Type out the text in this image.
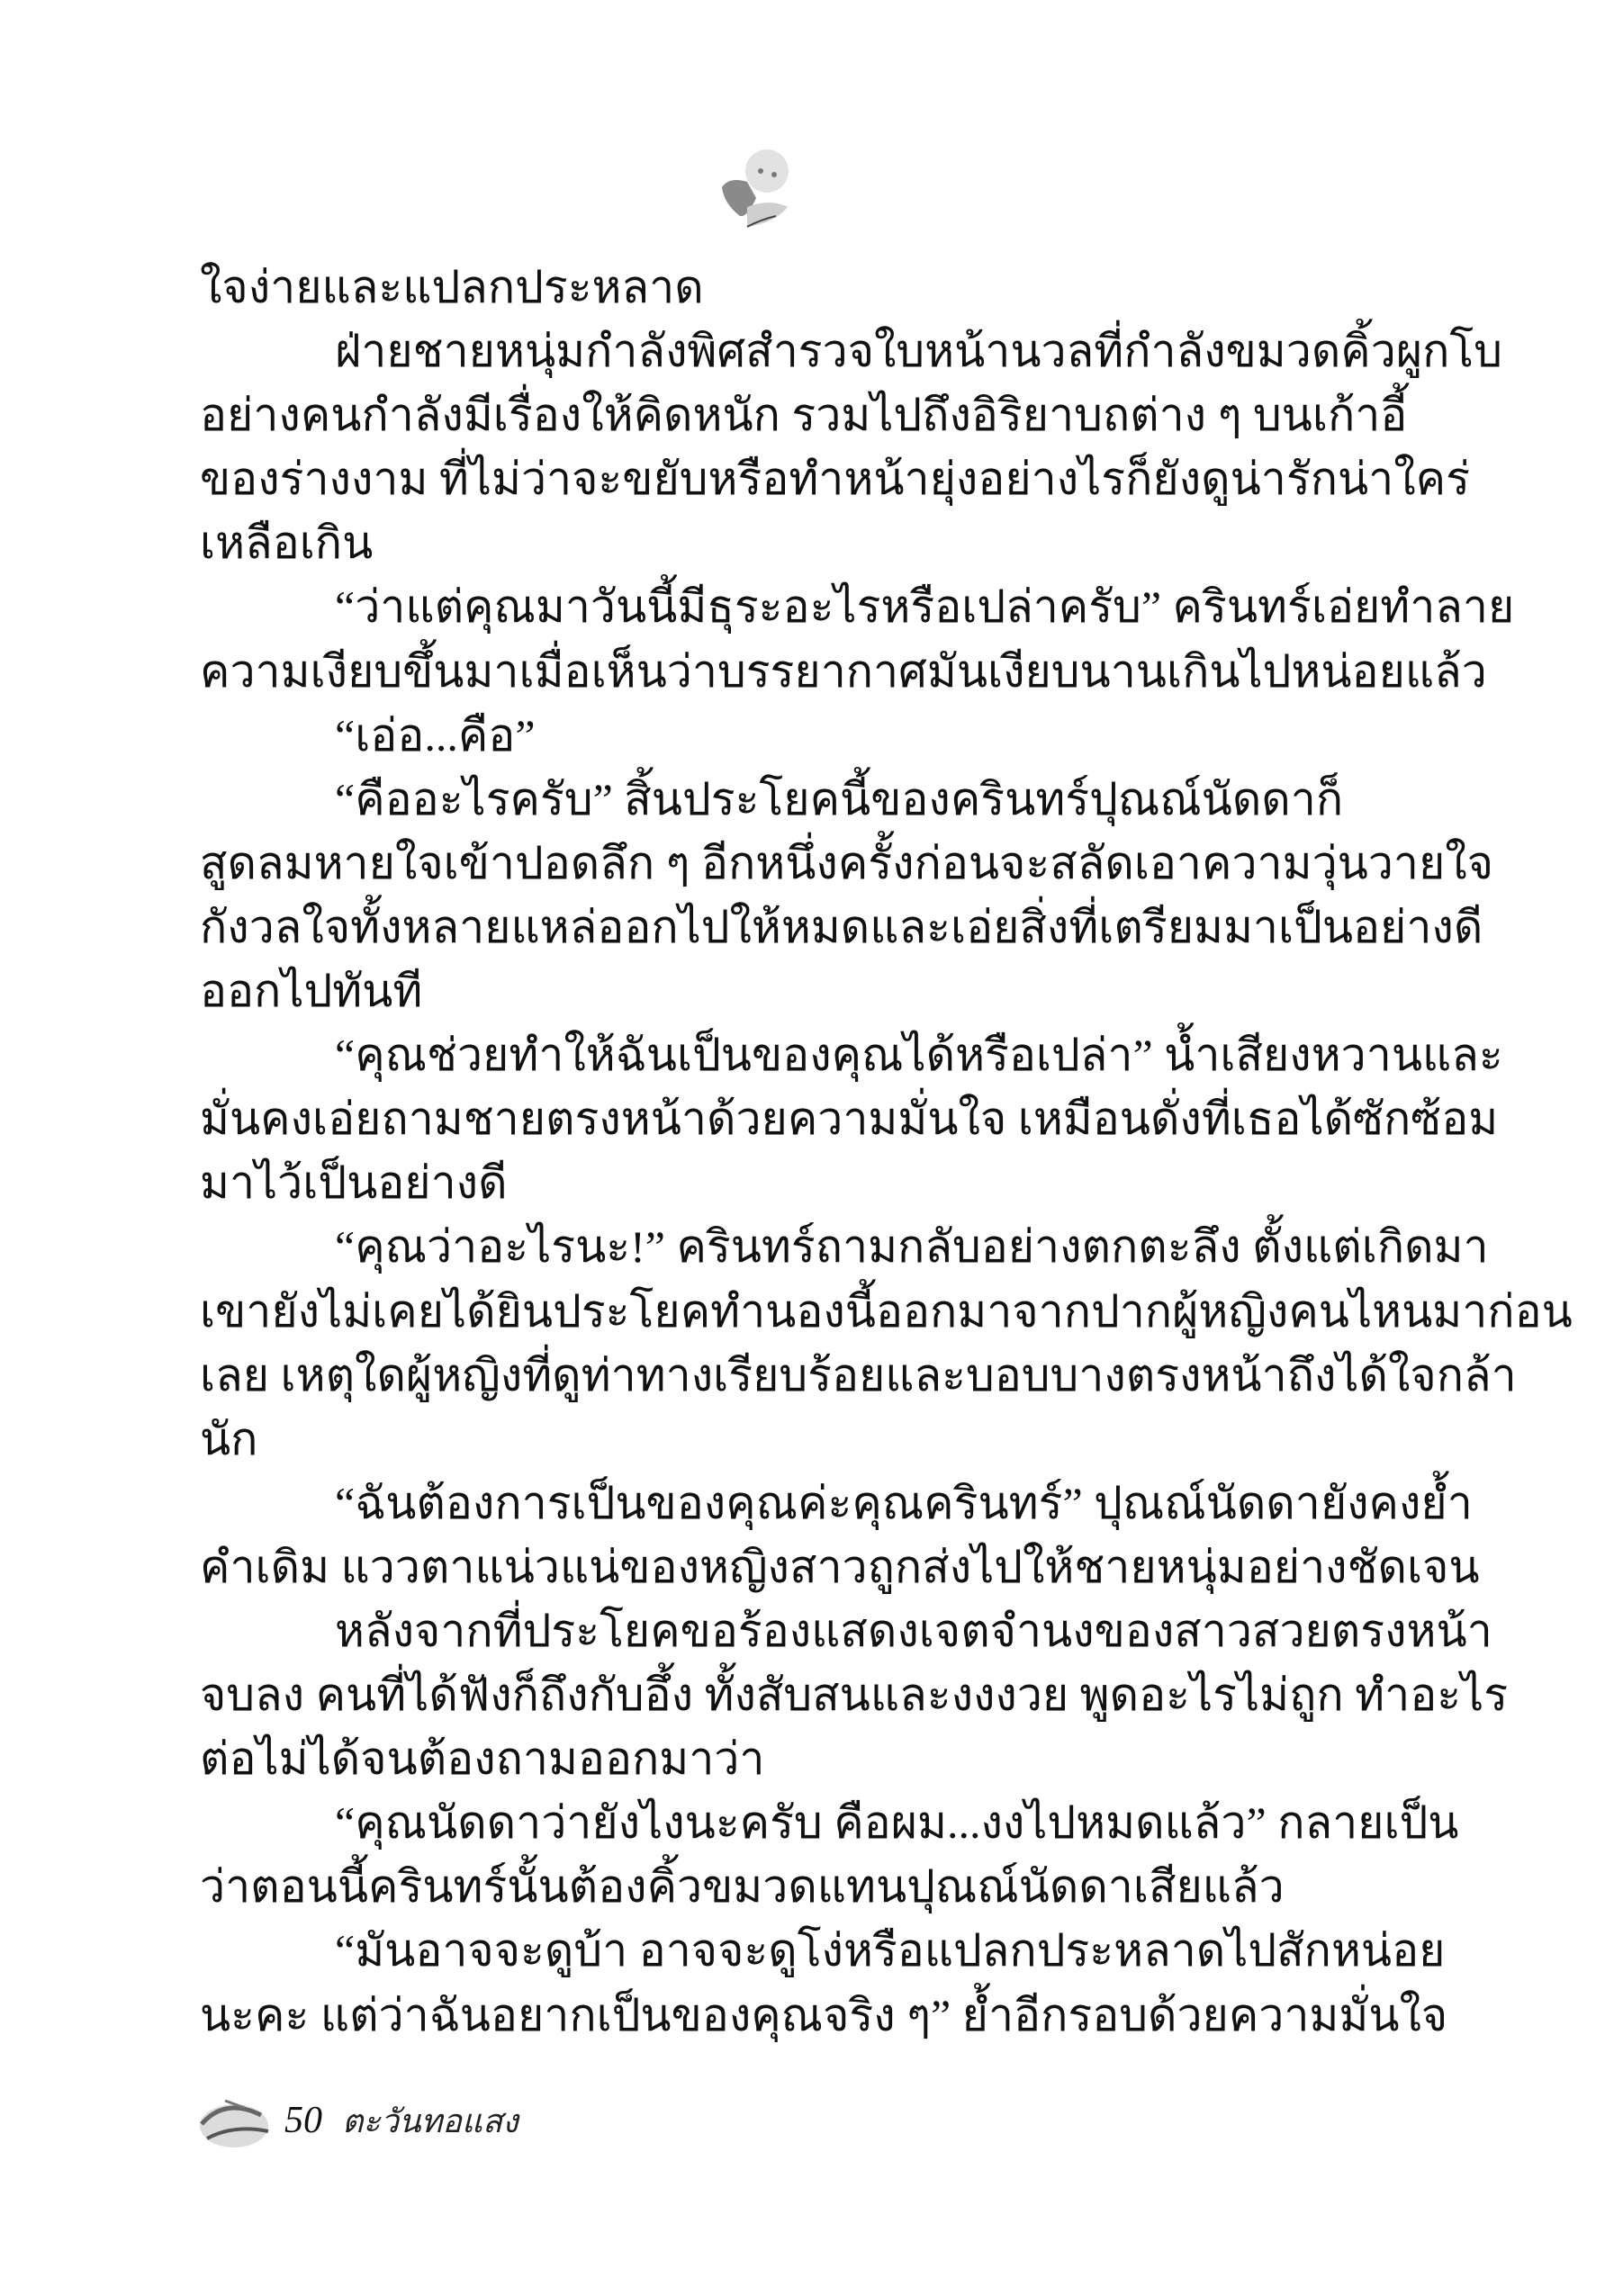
ใจง่ายและแปลกประหลาด
ฝ่ายชายหนุ่มกำลังพิศสำรวจใบหน้านวลที่กำลังขมวดคิ้วผูกโบ
อย่างคนกำลังมีเรื่องให้คิดหนัก รวมไปถึงอิริยาบถต่าง ๆ บนเก้าอี้
ของร่างงาม ที่ไม่ว่าจะขยับหรือทำหน้ายุ่งอย่างไรก็ยังดูน่ารักน่าใคร่
เหลือเกิน
“ว่าแต่คุณมาวันนี้มีธุระอะไรหรือเปล่าครับ” ครินทร์เอ่ยทำลาย
ความเงียบขึ้นมาเมื่อเห็นว่าบรรยากาศมันเงียบนานเกินไปหน่อยแล้ว
“เอ่อ...คือ”
“คืออะไรครับ” สิ้นประโยคนี้ของครินทร์ปุณณ์นัดดาก็
สูดลมหายใจเข้าปอดลึก ๆ อีกหนึ่งครั้งก่อนจะสลัดเอาความวุ่นวายใจ
กังวลใจทั้งหลายแหล่ออกไปให้หมดและเอ่ยสิ่งที่เตรียมมาเป็นอย่างดี
ออกไปทันที
“คุณช่วยทำให้ฉันเป็นของคุณได้หรือเปล่า” น้ำเสียงหวานและ
มั่นคงเอ่ยถามชายตรงหน้าด้วยความมั่นใจ เหมือนดั่งที่เธอได้ซักซ้อม
มาไว้เป็นอย่างดี
“คุณว่าอะไรนะ!” ครินทร์ถามกลับอย่างตกตะลึง ตั้งแต่เกิดมา
เขายังไม่เคยได้ยินประโยคทำนองนี้ออกมาจากปากผู้หญิงคนไหนมาก่อน
เลย เหตุใดผู้หญิงที่ดูท่าทางเรียบร้อยและบอบบางตรงหน้าถึงได้ใจกล้า
นัก
“ฉันต้องการเป็นของคุณค่ะคุณครินทร์” ปุณณ์นัดดายังคงย้ำ
คำเดิม แววตาแน่วแน่ของหญิงสาวถูกส่งไปให้ชายหนุ่มอย่างชัดเจน
หลังจากที่ประโยคขอร้องแสดงเจตจำนงของสาวสวยตรงหน้า
จบลง คนที่ได้ฟังก็ถึงกับอึ้ง ทั้งสับสนและงงงวย พูดอะไรไม่ถูก ทำอะไร
ต่อไม่ได้จนต้องถามออกมาว่า
“คุณนัดดาว่ายังไงนะครับ คือผม...งงไปหมดแล้ว” กลายเป็น
ว่าตอนนี้ครินทร์นั้นต้องคิ้วขมวดแทนปุณณ์นัดดาเสียแล้ว
“มันอาจจะดูบ้า อาจจะดูโง่หรือแปลกประหลาดไปสักหน่อย
นะคะ แต่ว่าฉันอยากเป็นของคุณจริง ๆ” ย้ำอีกรอบด้วยความมั่นใจ
50 ตะวันทอแสง
